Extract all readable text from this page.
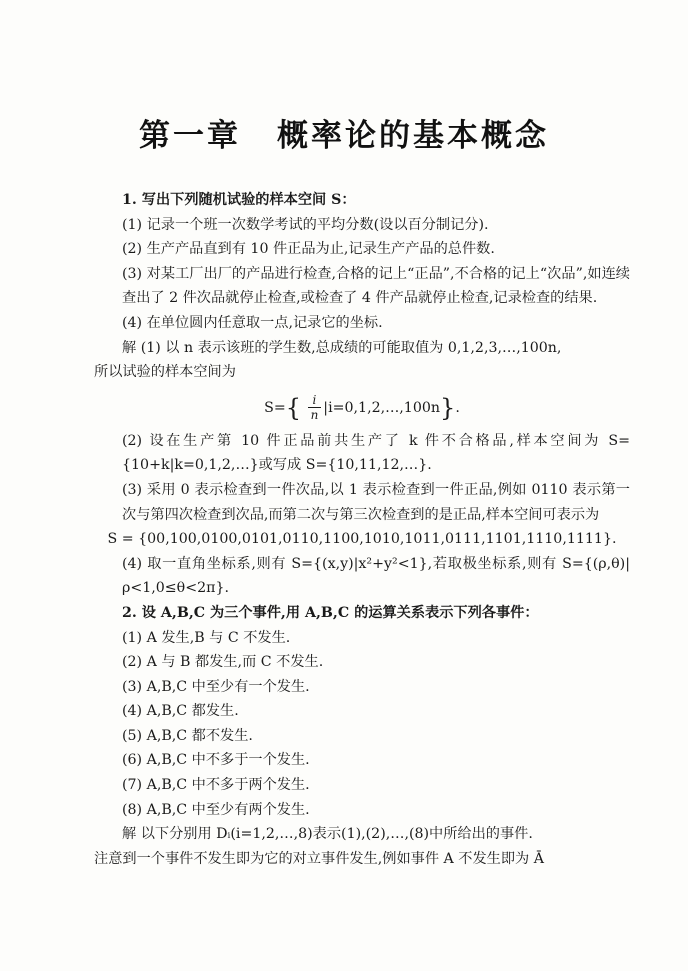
第一章 概率论的基本概念

1. 写出下列随机试验的样本空间 S：

(1) 记录一个班一次数学考试的平均分数(设以百分制记分).

(2) 生产产品直到有 10 件正品为止,记录生产产品的总件数.

(3) 对某工厂出厂的产品进行检查,合格的记上“正品”,不合格的记上“次品”,如连续查出了 2 件次品就停止检查,或检查了 4 件产品就停止检查,记录检查的结果.

(4) 在单位圆内任意取一点,记录它的坐标.

解 (1) 以 n 表示该班的学生数,总成绩的可能取值为 0,1,2,3,…,100n,

所以试验的样本空间为

$S=\{ \frac{i}{n}$ |i=0,1,2,…,100n}.

(2) 设在生产第 10 件正品前共生产了 k 件不合格品,样本空间为 S={10+k|k=0,1,2,…}或写成 S={10,11,12,…}.

(3) 采用 0 表示检查到一件次品,以 1 表示检查到一件正品,例如 0110 表示第一次与第四次检查到次品,而第二次与第三次检查到的是正品,样本空间可表示为

S = {00,100,0100,0101,0110,1100,1010,1011,0111,1101,1110,1111}.

(4) 取一直角坐标系,则有 S={(x,y)|x²+y²<1},若取极坐标系,则有 S={(ρ,θ)|ρ<1,0≤θ<2π}.

2. 设 A,B,C 为三个事件,用 A,B,C 的运算关系表示下列各事件：

(1) A 发生,B 与 C 不发生.

(2) A 与 B 都发生,而 C 不发生.

(3) A,B,C 中至少有一个发生.

(4) A,B,C 都发生.

(5) A,B,C 都不发生.

(6) A,B,C 中不多于一个发生.

(7) A,B,C 中不多于两个发生.

(8) A,B,C 中至少有两个发生.

解 以下分别用 Dᵢ(i=1,2,…,8)表示(1),(2),…,(8)中所给出的事件.

注意到一个事件不发生即为它的对立事件发生,例如事件 A 不发生即为 Ā
